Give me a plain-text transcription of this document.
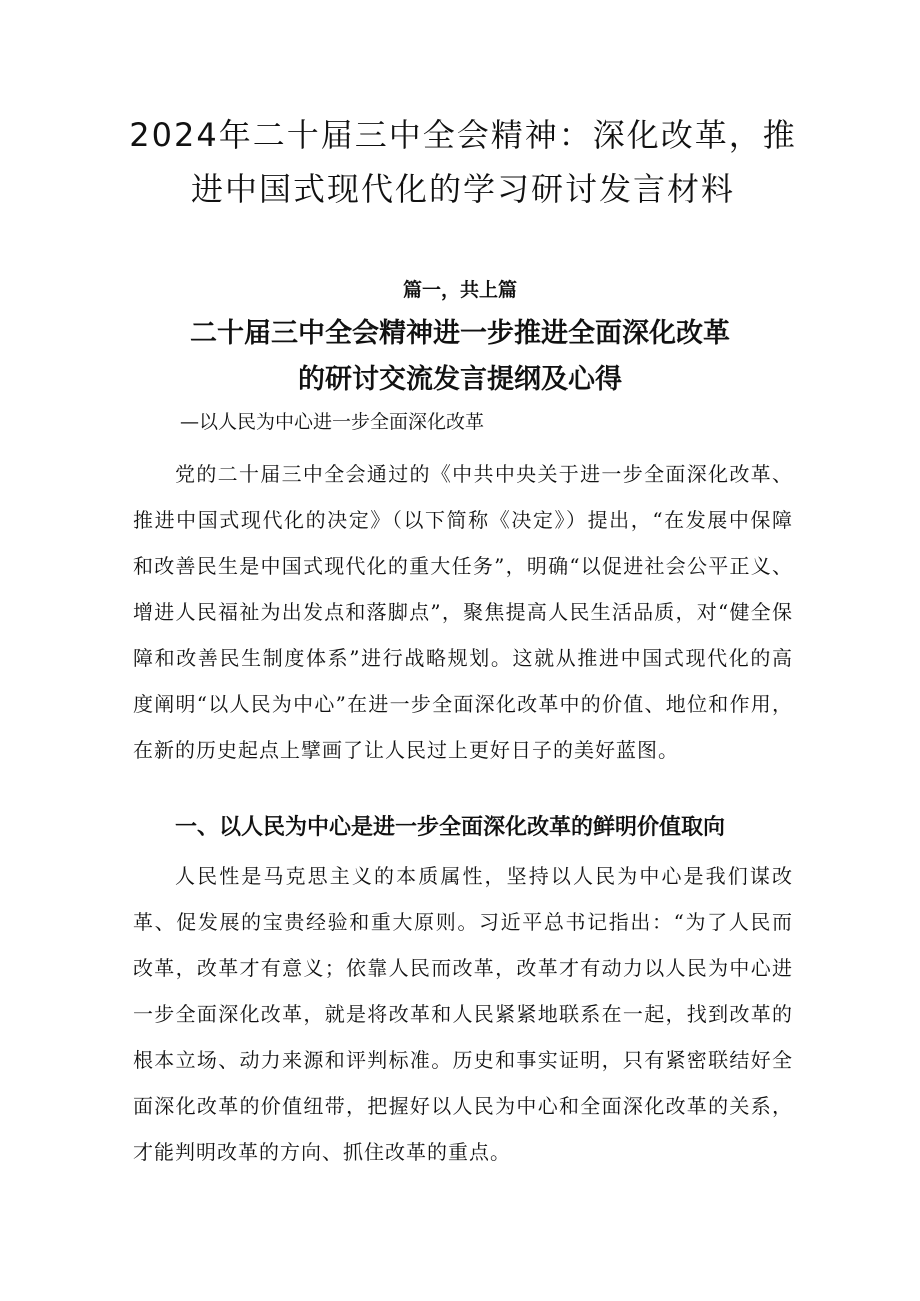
2024年二十届三中全会精神：深化改革，推
进中国式现代化的学习研讨发言材料

篇一，共上篇

二十届三中全会精神进一步推进全面深化改革
的研讨交流发言提纲及心得

—以人民为中心进一步全面深化改革

党的二十届三中全会通过的《中共中央关于进一步全面深化改革、推进中国式现代化的决定》（以下简称《决定》）提出，“在发展中保障和改善民生是中国式现代化的重大任务”，明确“以促进社会公平正义、增进人民福祉为出发点和落脚点”，聚焦提高人民生活品质，对“健全保障和改善民生制度体系”进行战略规划。这就从推进中国式现代化的高度阐明“以人民为中心”在进一步全面深化改革中的价值、地位和作用，在新的历史起点上擘画了让人民过上更好日子的美好蓝图。

一、以人民为中心是进一步全面深化改革的鲜明价值取向

人民性是马克思主义的本质属性，坚持以人民为中心是我们谋改革、促发展的宝贵经验和重大原则。习近平总书记指出：“为了人民而改革，改革才有意义；依靠人民而改革，改革才有动力以人民为中心进一步全面深化改革，就是将改革和人民紧紧地联系在一起，找到改革的根本立场、动力来源和评判标准。历史和事实证明，只有紧密联结好全面深化改革的价值纽带，把握好以人民为中心和全面深化改革的关系，才能判明改革的方向、抓住改革的重点。
